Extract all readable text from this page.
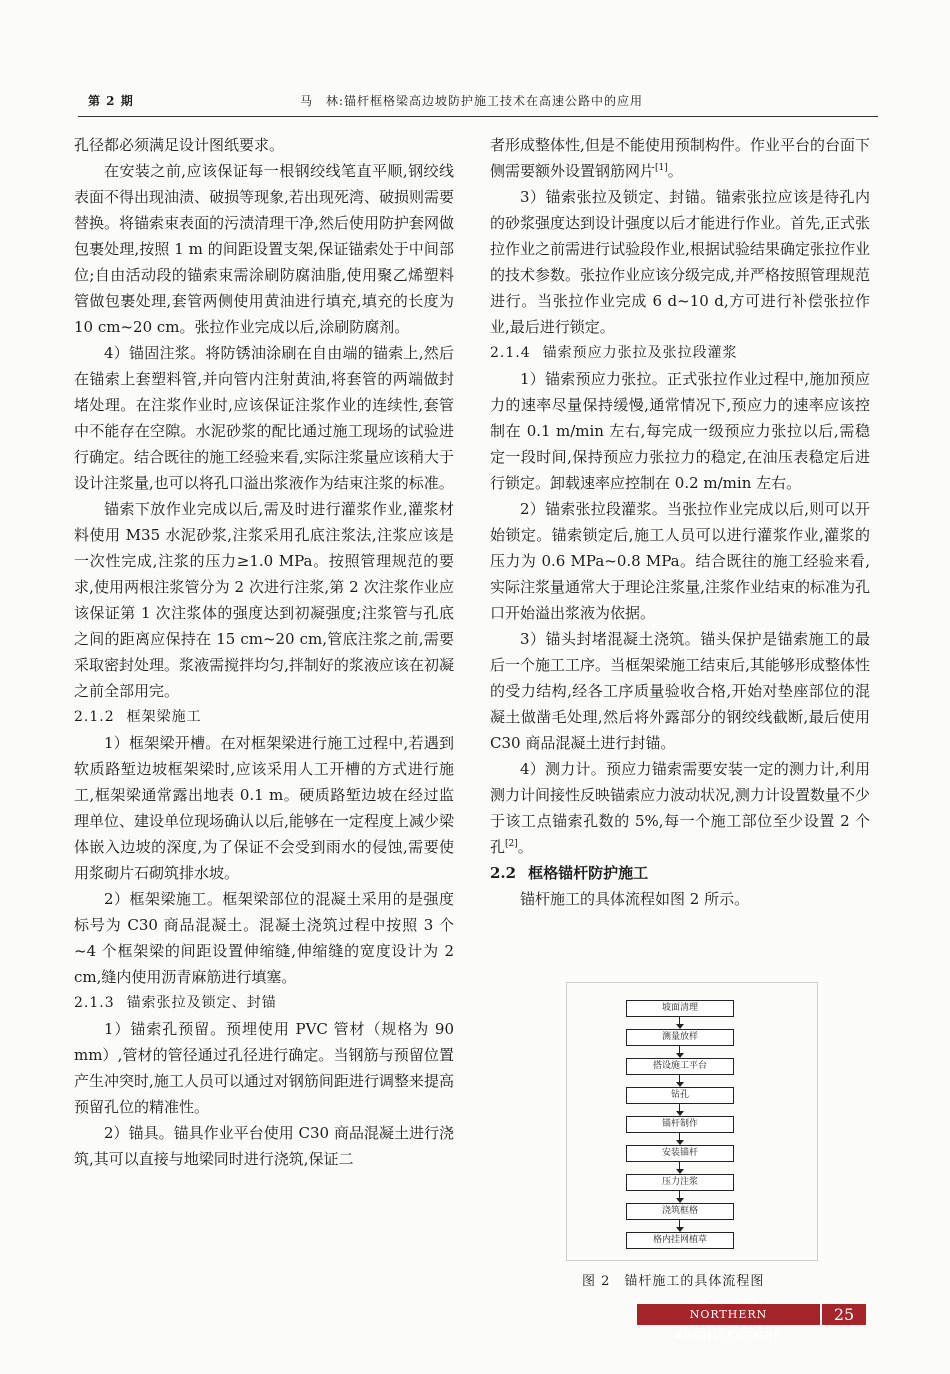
第 2 期	马　林:锚杆框格梁高边坡防护施工技术在高速公路中的应用

孔径都必须满足设计图纸要求。

在安装之前,应该保证每一根钢绞线笔直平顺,钢绞线表面不得出现油渍、破损等现象,若出现死湾、破损则需要替换。将锚索束表面的污渍清理干净,然后使用防护套网做包裹处理,按照 1 m 的间距设置支架,保证锚索处于中间部位;自由活动段的锚索束需涂刷防腐油脂,使用聚乙烯塑料管做包裹处理,套管两侧使用黄油进行填充,填充的长度为 10 cm~20 cm。张拉作业完成以后,涂刷防腐剂。

4）锚固注浆。将防锈油涂刷在自由端的锚索上,然后在锚索上套塑料管,并向管内注射黄油,将套管的两端做封堵处理。在注浆作业时,应该保证注浆作业的连续性,套管中不能存在空隙。水泥砂浆的配比通过施工现场的试验进行确定。结合既往的施工经验来看,实际注浆量应该稍大于设计注浆量,也可以将孔口溢出浆液作为结束注浆的标准。

锚索下放作业完成以后,需及时进行灌浆作业,灌浆材料使用 M35 水泥砂浆,注浆采用孔底注浆法,注浆应该是一次性完成,注浆的压力≥1.0 MPa。按照管理规范的要求,使用两根注浆管分为 2 次进行注浆,第 2 次注浆作业应该保证第 1 次注浆体的强度达到初凝强度;注浆管与孔底之间的距离应保持在 15 cm~20 cm,管底注浆之前,需要采取密封处理。浆液需搅拌均匀,拌制好的浆液应该在初凝之前全部用完。

2.1.2 框架梁施工

1）框架梁开槽。在对框架梁进行施工过程中,若遇到软质路堑边坡框架梁时,应该采用人工开槽的方式进行施工,框架梁通常露出地表 0.1 m。硬质路堑边坡在经过监理单位、建设单位现场确认以后,能够在一定程度上减少梁体嵌入边坡的深度,为了保证不会受到雨水的侵蚀,需要使用浆砌片石砌筑排水坡。

2）框架梁施工。框架梁部位的混凝土采用的是强度标号为 C30 商品混凝土。混凝土浇筑过程中按照 3 个~4 个框架梁的间距设置伸缩缝,伸缩缝的宽度设计为 2 cm,缝内使用沥青麻筋进行填塞。

2.1.3 锚索张拉及锁定、封锚

1）锚索孔预留。预埋使用 PVC 管材（规格为 90 mm）,管材的管径通过孔径进行确定。当钢筋与预留位置产生冲突时,施工人员可以通过对钢筋间距进行调整来提高预留孔位的精准性。

2）锚具。锚具作业平台使用 C30 商品混凝土进行浇筑,其可以直接与地梁同时进行浇筑,保证二

者形成整体性,但是不能使用预制构件。作业平台的台面下侧需要额外设置钢筋网片[1]。

3）锚索张拉及锁定、封锚。锚索张拉应该是待孔内的砂浆强度达到设计强度以后才能进行作业。首先,正式张拉作业之前需进行试验段作业,根据试验结果确定张拉作业的技术参数。张拉作业应该分级完成,并严格按照管理规范进行。当张拉作业完成 6 d~10 d,方可进行补偿张拉作业,最后进行锁定。

2.1.4 锚索预应力张拉及张拉段灌浆

1）锚索预应力张拉。正式张拉作业过程中,施加预应力的速率尽量保持缓慢,通常情况下,预应力的速率应该控制在 0.1 m/min 左右,每完成一级预应力张拉以后,需稳定一段时间,保持预应力张拉力的稳定,在油压表稳定后进行锁定。卸载速率应控制在 0.2 m/min 左右。

2）锚索张拉段灌浆。当张拉作业完成以后,则可以开始锁定。锚索锁定后,施工人员可以进行灌浆作业,灌浆的压力为 0.6 MPa~0.8 MPa。结合既往的施工经验来看,实际注浆量通常大于理论注浆量,注浆作业结束的标准为孔口开始溢出浆液为依据。

3）锚头封堵混凝土浇筑。锚头保护是锚索施工的最后一个施工工序。当框架梁施工结束后,其能够形成整体性的受力结构,经各工序质量验收合格,开始对垫座部位的混凝土做凿毛处理,然后将外露部分的钢绞线截断,最后使用 C30 商品混凝土进行封锚。

4）测力计。预应力锚索需要安装一定的测力计,利用测力计间接性反映锚索应力波动状况,测力计设置数量不少于该工点锚索孔数的 5%,每一个施工部位至少设置 2 个孔[2]。

2.2 框格锚杆防护施工

锚杆施工的具体流程如图 2 所示。

坡面清理
测量放样
搭设施工平台
钻孔
锚杆制作
安装锚杆
压力注浆
浇筑框格
格内挂网植草
图 2　锚杆施工的具体流程图
NORTHERN ARCHITECTURE
25
